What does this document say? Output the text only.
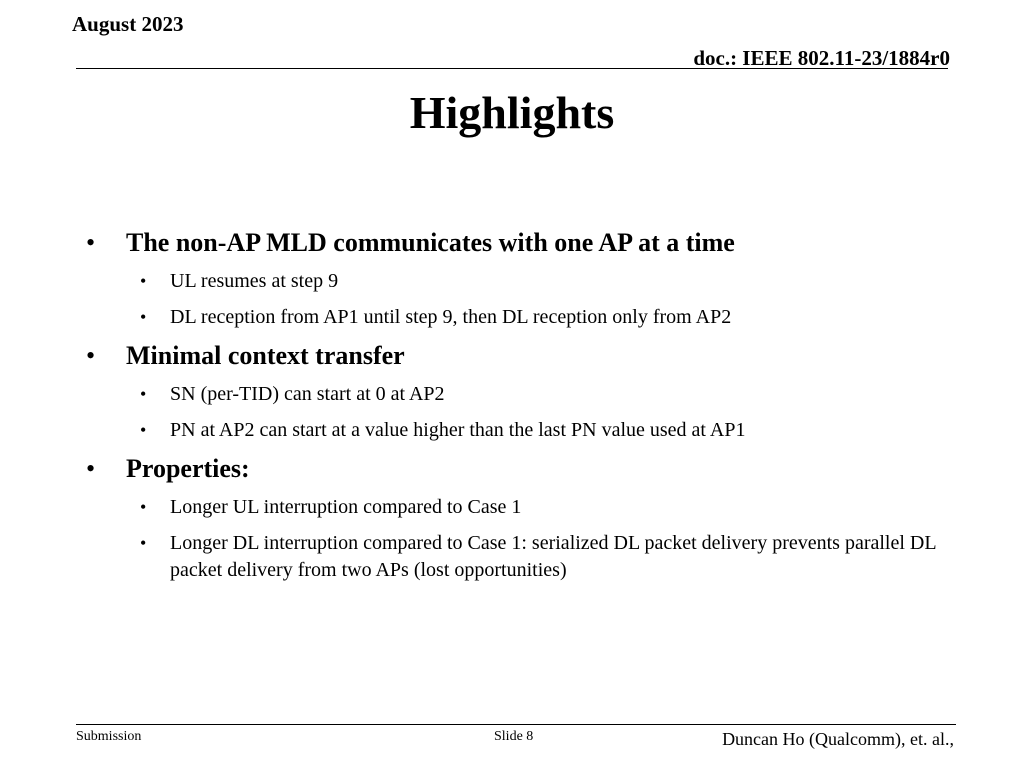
August 2023
doc.: IEEE 802.11-23/1884r0
Highlights
• The non-AP MLD communicates with one AP at a time
• UL resumes at step 9
• DL reception from AP1 until step 9, then DL reception only from AP2
• Minimal context transfer
• SN (per-TID) can start at 0 at AP2
• PN at AP2 can start at a value higher than the last PN value used at AP1
• Properties:
• Longer UL interruption compared to Case 1
• Longer DL interruption compared to Case 1: serialized DL packet delivery prevents parallel DL packet delivery from two APs (lost opportunities)
Submission	Slide 8	Duncan Ho (Qualcomm), et. al.,
